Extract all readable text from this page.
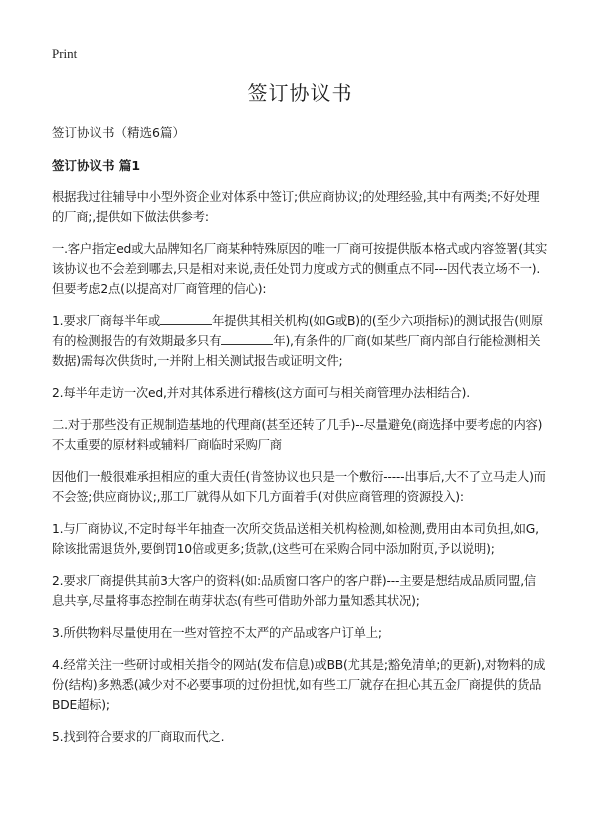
Print

签订协议书

签订协议书（精选6篇）

签订协议书 篇1

根据我过往辅导中小型外资企业对体系中签订;供应商协议;的处理经验,其中有两类;不好处理的厂商;,提供如下做法供参考:

一.客户指定ed或大品牌知名厂商某种特殊原因的唯一厂商可按提供版本格式或内容签署(其实该协议也不会差到哪去,只是相对来说,责任处罚力度或方式的侧重点不同---因代表立场不一).但要考虑2点(以提高对厂商管理的信心):

1.要求厂商每半年或	年提供其相关机构(如G或B)的(至少六项指标)的测试报告(则原有的检测报告的有效期最多只有	年),有条件的厂商(如某些厂商内部自行能检测相关数据)需每次供货时,一并附上相关测试报告或证明文件;

2.每半年走访一次ed,并对其体系进行稽核(这方面可与相关商管理办法相结合).

二.对于那些没有正规制造基地的代理商(甚至还转了几手)--尽量避免(商选择中要考虑的内容)不太重要的原材料或辅料厂商临时采购厂商

因他们一般很难承担相应的重大责任(肯签协议也只是一个敷衍-----出事后,大不了立马走人)而不会签;供应商协议;,那工厂就得从如下几方面着手(对供应商管理的资源投入):

1.与厂商协议,不定时每半年抽查一次所交货品送相关机构检测,如检测,费用由本司负担,如G,除该批需退货外,要倒罚10倍或更多;货款,(这些可在采购合同中添加附页,予以说明);

2.要求厂商提供其前3大客户的资料(如:品质窗口客户的客户群)---主要是想结成品质同盟,信息共享,尽量将事态控制在萌芽状态(有些可借助外部力量知悉其状况);

3.所供物料尽量使用在一些对管控不太严的产品或客户订单上;

4.经常关注一些研讨或相关指令的网站(发布信息)或BB(尤其是;豁免清单;的更新),对物料的成份(结构)多熟悉(减少对不必要事项的过份担忧,如有些工厂就存在担心其五金厂商提供的货品BDE超标);

5.找到符合要求的厂商取而代之.
